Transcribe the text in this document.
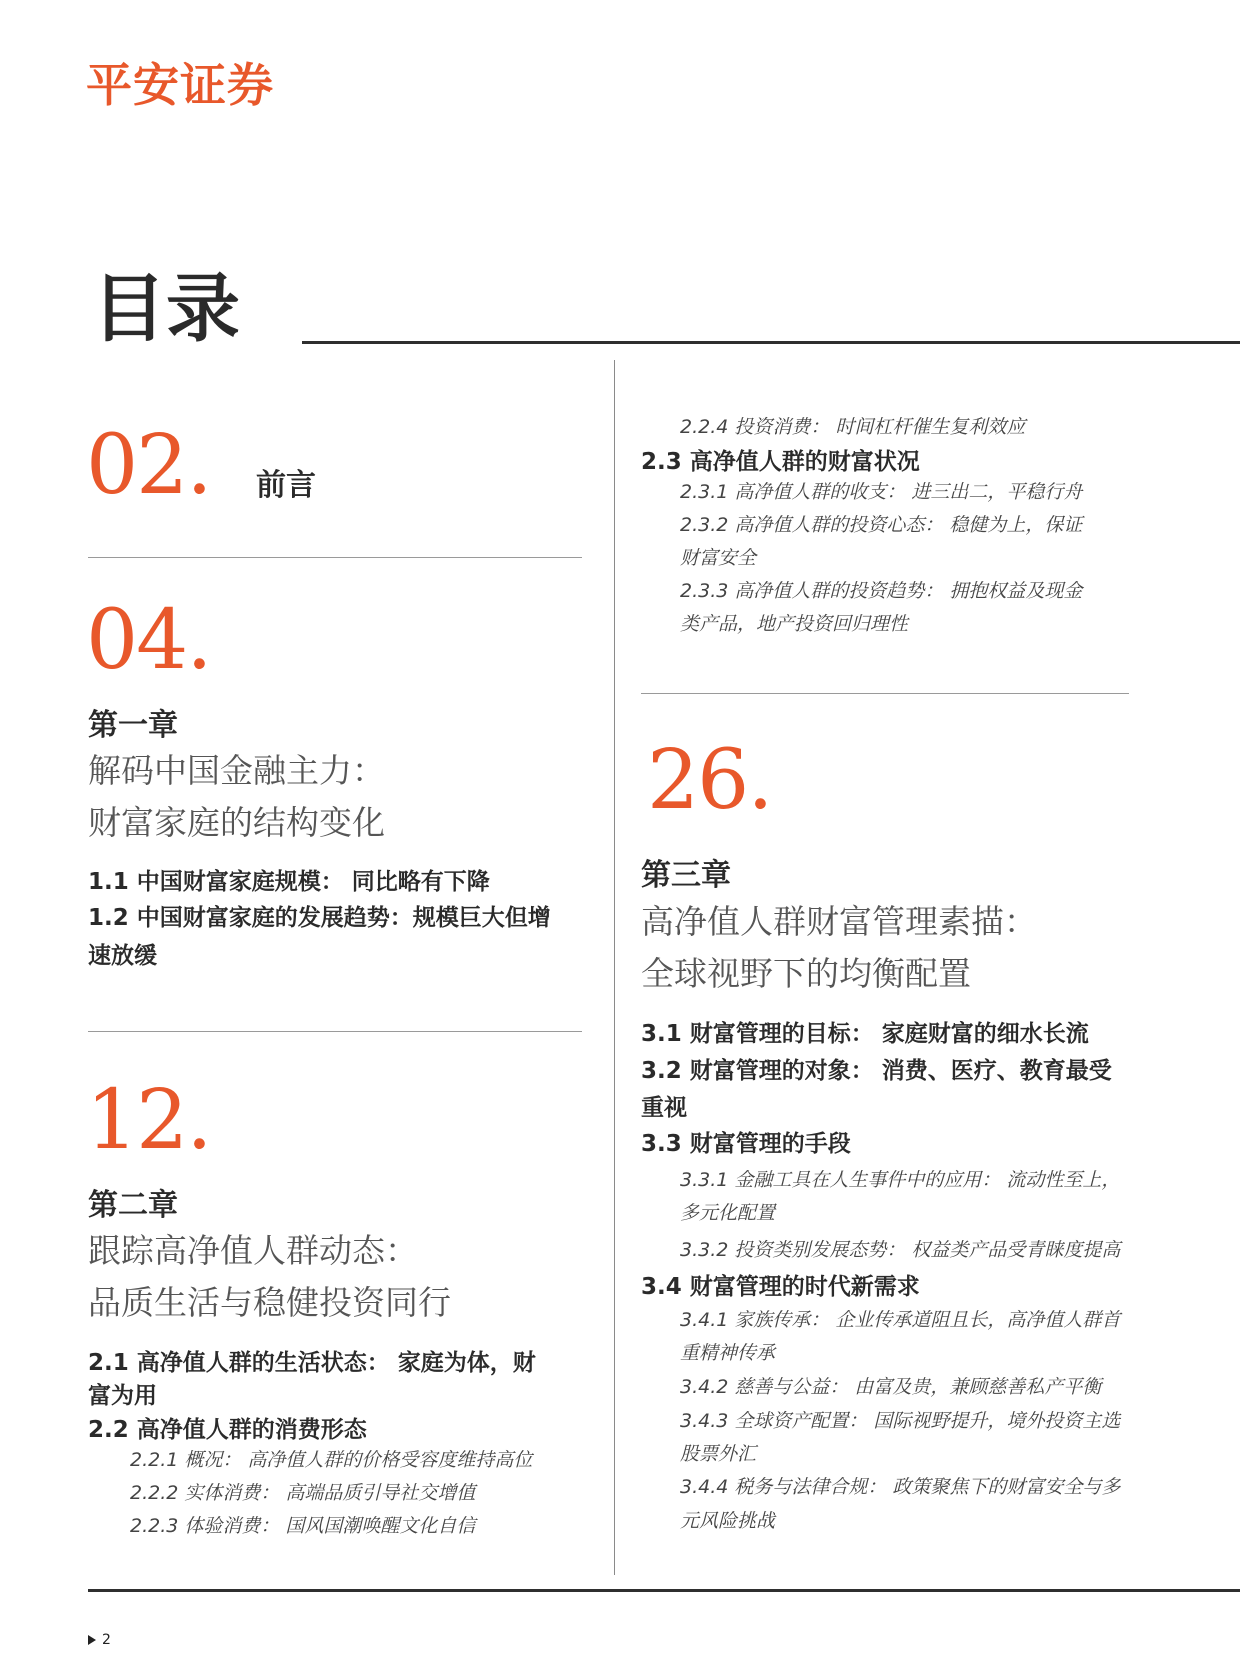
平安证券
目录
02. 前言
04.
第一章
解码中国金融主力：
财富家庭的结构变化
1.1 中国财富家庭规模： 同比略有下降
1.2 中国财富家庭的发展趋势：规模巨大但增
速放缓
12.
第二章
跟踪高净值人群动态：
品质生活与稳健投资同行
2.1 高净值人群的生活状态： 家庭为体，财
富为用
2.2 高净值人群的消费形态
2.2.1 概况： 高净值人群的价格受容度维持高位
2.2.2 实体消费： 高端品质引导社交增值
2.2.3 体验消费： 国风国潮唤醒文化自信
2.2.4 投资消费： 时间杠杆催生复利效应
2.3 高净值人群的财富状况
2.3.1 高净值人群的收支： 进三出二，平稳行舟
2.3.2 高净值人群的投资心态： 稳健为上，保证
财富安全
2.3.3 高净值人群的投资趋势： 拥抱权益及现金
类产品，地产投资回归理性
26.
第三章
高净值人群财富管理素描：
全球视野下的均衡配置
3.1 财富管理的目标： 家庭财富的细水长流
3.2 财富管理的对象： 消费、医疗、教育最受
重视
3.3 财富管理的手段
3.3.1 金融工具在人生事件中的应用： 流动性至上，
多元化配置
3.3.2 投资类别发展态势： 权益类产品受青睐度提高
3.4 财富管理的时代新需求
3.4.1 家族传承： 企业传承道阻且长，高净值人群首
重精神传承
3.4.2 慈善与公益： 由富及贵，兼顾慈善私产平衡
3.4.3 全球资产配置： 国际视野提升，境外投资主选
股票外汇
3.4.4 税务与法律合规： 政策聚焦下的财富安全与多
元风险挑战
2
